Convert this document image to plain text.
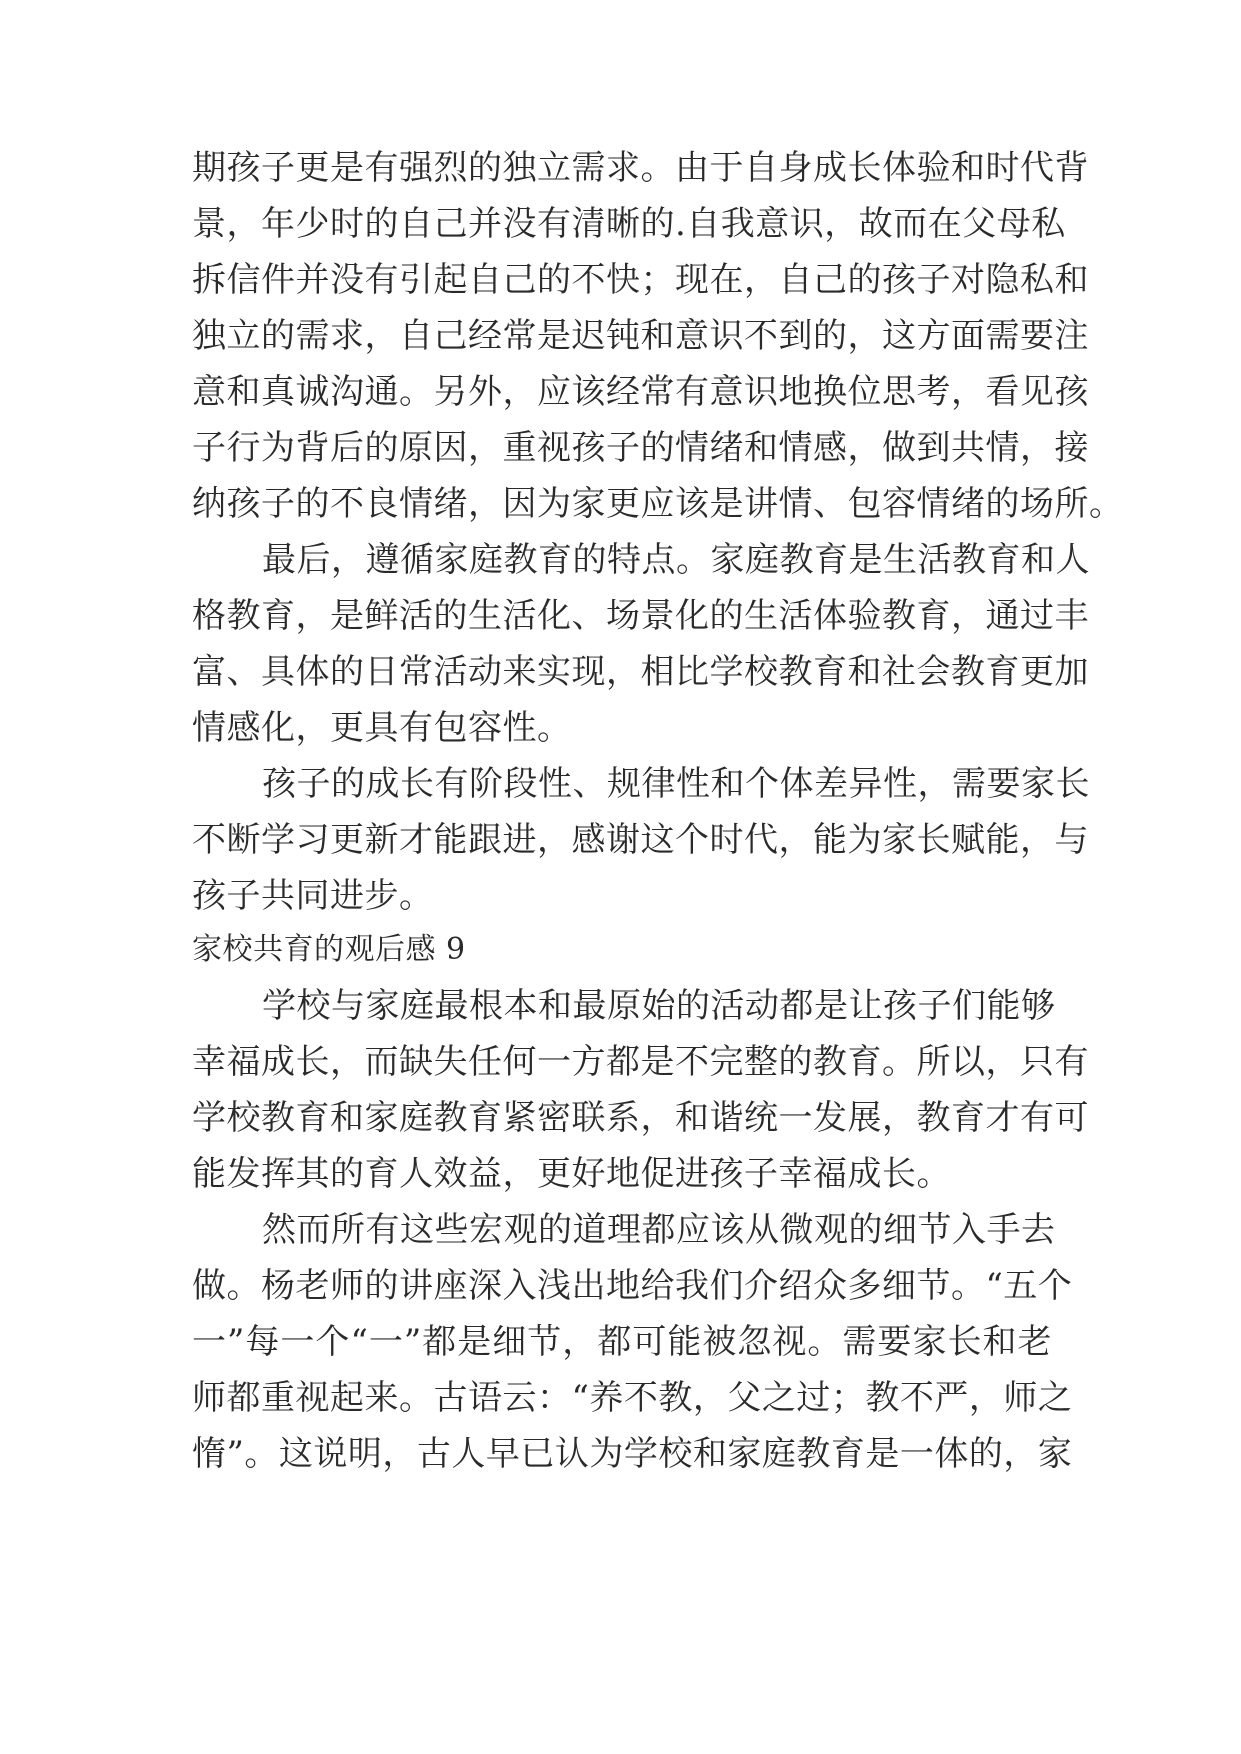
期孩子更是有强烈的独立需求。由于自身成长体验和时代背
景，年少时的自己并没有清晰的.自我意识，故而在父母私
拆信件并没有引起自己的不快；现在，自己的孩子对隐私和
独立的需求，自己经常是迟钝和意识不到的，这方面需要注
意和真诚沟通。另外，应该经常有意识地换位思考，看见孩
子行为背后的原因，重视孩子的情绪和情感，做到共情，接
纳孩子的不良情绪，因为家更应该是讲情、包容情绪的场所。
最后，遵循家庭教育的特点。家庭教育是生活教育和人
格教育，是鲜活的生活化、场景化的生活体验教育，通过丰
富、具体的日常活动来实现，相比学校教育和社会教育更加
情感化，更具有包容性。
孩子的成长有阶段性、规律性和个体差异性，需要家长
不断学习更新才能跟进，感谢这个时代，能为家长赋能，与
孩子共同进步。
家校共育的观后感 9
学校与家庭最根本和最原始的活动都是让孩子们能够
幸福成长，而缺失任何一方都是不完整的教育。所以，只有
学校教育和家庭教育紧密联系，和谐统一发展，教育才有可
能发挥其的育人效益，更好地促进孩子幸福成长。
然而所有这些宏观的道理都应该从微观的细节入手去
做。杨老师的讲座深入浅出地给我们介绍众多细节。“五个
一”每一个“一”都是细节，都可能被忽视。需要家长和老
师都重视起来。古语云：“养不教，父之过；教不严，师之
惰”。这说明，古人早已认为学校和家庭教育是一体的，家
